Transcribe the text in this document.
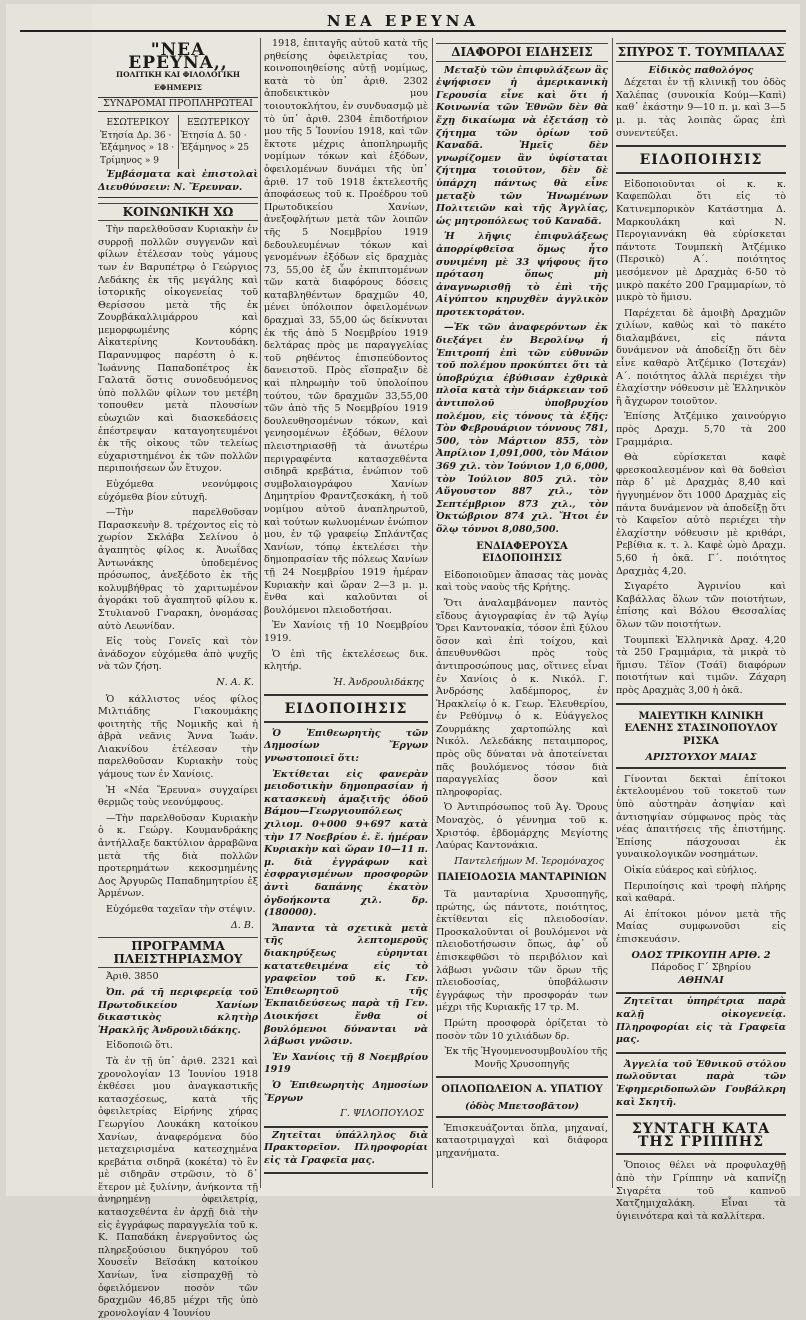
ΝΕΑ ΕΡΕΥΝΑ
"ΝΕΑ ΕΡΕΥΝΑ,,
ΠΟΛΙΤΙΚΗ ΚΑΙ ΦΙΛΟΛΟΓΙΚΗ ΕΦΗΜΕΡΙΣ
ΣΥΝΔΡΟΜΑΙ ΠΡΟΠΛΗΡΩΤΕΑΙ
ΕΣΩΤΕΡΙΚΟΥ
Ἐτησία Δρ. 36 · Ἑξάμηνος » 18 · Τρίμηνος » 9
ΕΞΩΤΕΡΙΚΟΥ
Ἐτησία Δ. 50 · Ἑξάμηνος » 25

Ἐμβάσματα καὶ ἐπιστολαὶ Διευθύνσειν: Ν. Ἔρευναν.

ΚΟΙΝΩΝΙΚΗ ΧΩ

Τὴν παρελθοῦσαν Κυριακὴν ἐν συρροῇ πολλῶν συγγενῶν καὶ φίλων ἐτέλεσαν τοὺς γάμους των ἐν Βαρυπέτρῳ ὁ Γεώργιος Λεδάκης ἐκ τῆς μεγάλης καὶ ἱστορικῆς οἰκογενείας τοῦ Θερίσσου μετὰ τῆς ἐκ Ζουρβάκαλλιμάρρου καὶ μεμορφωμένης κόρης Αἰκατερίνης Κοντουδάκη. Παρανυμφος παρέστη ὁ κ. Ἰωάννης Παπαδοπέτρος ἐκ Γαλατᾶ ὅστις συνοδευόμενος ὑπὸ πολλῶν φίλων του μετέβη τοπουθεν μετὰ πλουσίων εὐωχιῶν καὶ διασκεδάσεις ἐπέστρεψαν καταγοητευμένοι ἐκ τῆς οἰκους τῶν τελείως εὐχαριστημένοι ἐκ τῶν πολλῶν περιποιήσεων ὧν ἔτυχον.

Εὐχόμεθα νεονύμφοις εὐχόμεθα βίον εὐτυχῆ.

—Τὴν παρελθοῦσαν Παρασκευὴν 8. τρέχοντος εἰς τὸ χωρίον Σκλάβα Σελίνου ὁ ἀγαπητὸς φίλος κ. Ἀνωΐδας Ἀντωνάκης ὑποδεμένος πρόσωπος, ἀνεξέδοτο ἐκ τῆς κολυμβήθρας τὸ χαριτωμένον ἀγοράκι τοῦ ἀγαπητοῦ φίλου κ. Στυλιανοῦ Γναρακη, ὀνομάσας αὐτὸ Λεωνίδαν.

Εἰς τοὺς Γονεῖς καὶ τὸν ἀνάδοχον εὐχόμεθα ἀπὸ ψυχῆς νὰ τῶν ζήση.

Ν. Α. Κ.

Ὁ κάλλιστος νέος φίλος Μιλτιάδης Γιακουμάκης φοιτητὴς τῆς Νομικῆς καὶ ἡ ἁβρὰ νεᾶνις Ἄννα Ἰωάν. Λιακνίδου ἐτέλεσαν τὴν παρελθοῦσαν Κυριακὴν τοὺς γάμους των ἐν Χανίοις.

Ἡ «Νέα Ἔρευνα» συγχαίρει θερμῶς τοὺς νεονύμφους.

—Τὴν παρελθοῦσαν Κυριακὴν ὁ κ. Γεώργ. Κουμανδράκης ἀντήλλαξε δακτύλιον ἀρραβῶνα μετὰ τῆς διὰ πολλῶν προτερημάτων κεκοσμημένης Δος Ἀργυρῶς Παπαδημητρίου ἐξ Ἀρμένων.

Εὐχόμεθα ταχεῖαν τὴν στέψιν.

Δ. Β.
ΠΡΟΓΡΑΜΜΑ ΠΛΕΙΣΤΗΡΙΑΣΜΟΥ

Ἀριθ. 3850

Ὀπ. ρά τῆ περιφερείᾳ τοῦ Πρωτοδικείου Χανίων δικαστικὸς κλητὴρ Ἡρακλῆς Ἀνδρουλιδάκης.

Εἰδοποιῶ ὅτι.

Τὰ ἐν τῇ ὑπ᾽ ἀριθ. 2321 καὶ χρονολογίαν 13 Ἰουνίου 1918 ἐκθέσει μου ἀναγκαστικῆς κατασχέσεως, κατὰ τῆς ὀφειλετρίας Εἰρήνης χήρας Γεωργίου Λουκάκη κατοίκου Χανίων, ἀναφερόμενα δύο μεταχειρισμένα κατεσχημένα κρεβάτια σιδηρᾶ (κοκέτα) τὸ ἓν μὲ σιδηρᾶν στρῶσιν, τὸ δ᾽ ἕτερον μὲ ξυλίνην, ἀνήκοντα τῇ ἀνηρημένῃ ὀφειλετρίᾳ, κατασχεθέντα ἐν ἀρχῇ διὰ τὴν εἰς ἐγγράφως παραγγελία τοῦ κ. Κ. Παπαδάκη ἐνεργοῦντος ὡς πληρεξούσιου δικηγόρου τοῦ Χουσεῒν Βεϊσάκη κατοίκου Χανίων, ἵνα εἰσπραχθῇ τὸ ὀφειλόμενον ποσὸν τῶν δραχμῶν 46,85 μέχρι τῆς ὑπὸ χρονολογίαν 4 Ἰουνίου

1918, ἐπιταγῆς αὐτοῦ κατὰ τῆς ρηθείσης ὀφειλετρίας του, κοινοποιηθείσης αὐτῇ νομίμως, κατὰ τὸ ὑπ᾽ ἀριθ. 2302 ἀποδεικτικὸν μου τοιουτοκλήτου, ἐν συνδυασμῷ μὲ τὸ ὑπ᾽ ἀριθ. 2304 ἐπιδοτήριον μου τῆς 5 Ἰουνίου 1918, καὶ τῶν ἔκτοτε μέχρις ἀποπληρωμῆς νομίμων τόκων καὶ ἐξόδων, ὀφειλομένων δυνάμει τῆς ὑπ᾽ ἀριθ. 17 τοῦ 1918 ἐκτελεστῆς ἀποφάσεως τοῦ κ. Προέδρου τοῦ Πρωτοδικείου Χανίων, ἀνεξοφλήτων μετὰ τῶν λοιπῶν τῆς 5 Νοεμβρίου 1919 δεδουλευμένων τόκων καὶ γενομένων ἐξόδων εἰς δραχμὰς 73, 55,00 ἐξ ὧν ἐκπιπτομένων τῶν κατὰ διαφόρους δόσεις καταβληθέντων δραχμῶν 40, μένει ὑπόλοιπον ὀφειλομένων δραχμαὶ 33, 55,00 ὡς δείκνυται ἐκ τῆς ἀπὸ 5 Νοεμβρίου 1919 δελτάρας πρὸς με παραγγελίας τοῦ ρηθέντος ἐπισπεύδοντος δανειστοῦ. Πρὸς εἴσπραξιν δὲ καὶ πληρωμὴν τοῦ ὑπολοίπου τούτου, τῶν δραχμῶν 33,55,00 τῶν ἀπὸ τῆς 5 Νοεμβρίου 1919 δουλευθησομένων τόκων, καὶ γενησομένων ἐξόδων, θέλουν πλειστηριασθῇ τὰ ἀνωτέρω περιγραφέντα κατασχεθέντα σιδηρᾶ κρεβάτια, ἐνώπιον τοῦ συμβολαιογράφου Χανίων Δημητρίου Φραντζεσκάκη, ἡ τοῦ νομίμου αὐτοῦ ἀναπληρωτοῦ, καὶ τούτων κωλυομένων ἐνώπιον μου, ἐν τῷ γραφείῳ Σπλάντζας Χανίων, τόπῳ ἐκτελέσει τὴν δημοπρασίαν τῆς πόλεως Χανίων τῇ 24 Νοεμβρίου 1919 ἡμέραν Κυριακὴν καὶ ὥραν 2—3 μ. μ. ἔνθα καὶ καλοῦνται οἱ βουλόμενοι πλειοδοτήσαι.

Ἐν Χανίοις τῇ 10 Νοεμβρίου 1919.

Ὁ ἐπὶ τῆς ἐκτελέσεως δικ. κλητήρ.

Ἡ. Ἀνδρουλιδάκης
ΕΙΔΟΠΟΙΗΣΙΣ

Ὁ Ἐπιθεωρητὴς τῶν Δημοσίων Ἔργων γνωστοποιεῖ ὅτι:

Ἐκτίθεται εἰς φανερὰν μειοδοτικὴν δημοπρασίαν ἡ κατασκευὴ ἁμαξιτῆς ὁδοῦ Βάμου—Γεωργιουπόλεως χιλιομ. 0+000 9+697 κατὰ τὴν 17 Νοεβρίου ἐ. ἔ. ἡμέραν Κυριακὴν καὶ ὥραν 10—11 π. μ. διὰ ἐγγράφων καὶ ἐσφραγισμένων προσφορῶν ἀντὶ δαπάνης ἑκατὸν ὀγδοήκοντα χιλ. δρ. (180000).

Ἅπαντα τὰ σχετικὰ μετὰ τῆς λεπτομεροῦς διακηρύξεως εὑρηνται κατατεθειμένα εἰς τὸ γραφεῖον τοῦ κ. Γεν. Ἐπιθεωρητοῦ τῆς Ἐκπαιδεύσεως παρὰ τῇ Γεν. Διοικήσει ἔνθα οἱ βουλόμενοι δύνανται νὰ λάβωσι γνῶσιν.

Ἐν Χανίοις τῇ 8 Νοεμβρίου 1919

Ὁ Ἐπιθεωρητὴς Δημοσίων Ἔργων

Γ. ΨΙΛΟΠΟΥΛΟΣ

Ζητεῖται ὑπάλληλος διὰ Πρακτορεῖον. Πληροφορίαι εἰς τὰ Γραφεῖα μας.

ΔΙΑΦΟΡΟΙ ΕΙΔΗΣΕΙΣ

Μεταξὺ τῶν ἐπιφυλάξεων ἃς ἐψήφισεν ἡ ἀμερικανικὴ Γερουσία εἶνε καὶ ὅτι ἡ Κοινωνία τῶν Ἐθνῶν δὲν θὰ ἔχῃ δικαίωμα νὰ ἐξετάσῃ τὸ ζήτημα τῶν ὁρίων τοῦ Καναδᾶ. Ἡμεῖς δὲν γνωρίζομεν ἂν ὑφίσταται ζήτημα τοιοῦτον, δὲν δὲ ὑπάρχη πάντως θὰ εἶνε μεταξὺ τῶν Ἡνωμένων Πολιτειῶν καὶ τῆς Ἀγγλίας, ὡς μητροπόλεως τοῦ Καναδᾶ.

Ἡ λῆψις ἐπιφυλάξεως ἀπορρίφθεῖσα ὅμως ἦτο συνιμένη μὲ 33 ψήφους ἥτο πρόταση ὅπως μὴ ἀναγνωρισθῇ τὸ ἐπὶ τῆς Αἰγύπτου κηρυχθὲν ἀγγλικὸν προτεκτοράτον.

—Ἐκ τῶν ἀναφερόντων ἐκ διεξάγει ἐν Βερολίνῳ ἡ Ἐπιτροπή ἐπὶ τῶν εὐθυνῶν τοῦ πολέμου προκύπτει ὅτι τὰ ὑποβρύχια ἐβύθισαν ἐχθρικὰ πλοῖα κατὰ τὴν διάρκειαν τοῦ ἀντιπολοῦ ὑποβρυχίου πολέμου, εἰς τόνους τὰ ἐξῆς: Τὸν Φεβρουάριον τόννους 781, 500, τὸν Μάρτιον 855, τὸν Ἀπρίλιον 1,091,000, τὸν Μάιον 369 χιλ. τὸν Ἰούνιον 1,0 6,000, τὸν Ἰούλιον 805 χιλ. τὸν Αὔγουστον 887 χιλ., τὸν Σεπτέμβριον 873 χιλ., τὸν Ὀκτώβριον 874 χιλ. Ἤτοι ἐν ὅλῳ τόννοι 8,080,500.

ΕΝΔΙΑΦΕΡΟΥΣΑ ΕΙΔΟΠΟΙΗΣΙΣ

Εἰδοποιοῦμεν ἅπασας τὰς μονὰς καὶ τοὺς ναοὺς τῆς Κρήτης.

Ὅτι ἀναλαμβάνομεν παντὸς εἴδους ἁγιογραφίας ἐν τῷ Ἁγίῳ Ὄρει Καντονακία, τόσον ἐπὶ ξύλου ὅσον καὶ ἐπὶ τοίχου, καὶ ἀπευθυνθῶσι πρὸς τοὺς ἀντιπροσώπους μας, οἵτινες εἶναι ἐν Χανίοις ὁ κ. Νικόλ. Γ. Ἀνδρόσης λαδέμπορος, ἐν Ἡρακλείῳ ὁ κ. Γεωρ. Ἐλευθερίου, ἐν Ρεθύμνῳ ὁ κ. Εὐάγγελος Ζουρμάκης χαρτοπώλης καὶ Νικόλ. Λελεδάκης πεταιμπορος, πρὸς οὓς δύναται νὰ ἀποτείνεται πᾶς βουλόμενος τόσον διὰ παραγγελίας ὅσον καὶ πληροφορίας.

Ὁ Ἀντιπρόσωπος τοῦ Ἁγ. Ὄρους Μοναχὸς, ὁ γέννημα τοῦ κ. Χριστόφ. ἐβδομάρχης Μεγίστης Λαύρας Καντονάκια.

Παντελεήμων Μ. Ἱερομόναχος
ΠΑΙΕΙΟΔΟΣΙΑ ΜΑΝΤΑΡΙΝΙΩΝ

Τὰ μανταρίνια Χρυσοπηγῆς, πρώτης, ὡς πάντοτε, ποιότητος, ἐκτίθενται εἰς πλειοδοσίαν. Προσκαλοῦνται οἱ βουλόμενοι νὰ πλειοδοτήσωσιν ὅπως, ἀφ᾽ οὗ ἐπισκεφθῶσι τὸ περιβόλιον καὶ λάβωσι γνῶσιν τῶν ὅρων τῆς πλειοδοσίας, ὑποβάλωσιν ἐγγράφως τὴν προσφοράν των μέχρι τῆς Κυριακῆς 17 τρ. Μ.

Πρώτη προσφορὰ ὁρίζεται τὸ ποσὸν τῶν 10 χιλιάδων δρ.

Ἐκ τῆς Ἡγουμενοσυμβουλίου τῆς Μονῆς Χρυσοπηγῆς

ΟΠΛΟΠΩΛΕΙΟΝ Α. ΥΠΑΤΙΟΥ
(ὁδὸς Μπετσοβᾶτον)

Ἐπισκευάζονται ὅπλα, μηχαναί, καταοτριμαγχαὶ καὶ διάφορα μηχανήματα.

ΣΠΥΡΟΣ Τ. ΤΟΥΜΠΑΛΑΣ
Εἰδικὸς παθολόγος

Δέχεται ἐν τῇ κλινικῇ του ὁδὸς Χαλέπας (συνοικία Κούμ—Καπὶ) καθ᾽ ἑκάστην 9—10 π. μ. καὶ 3—5 μ. μ. τὰς λοιπὰς ὥρας ἐπὶ συνεντεύξει.

ΕΙΔΟΠΟΙΗΣΙΣ

Εἰδοποιοῦνται οἱ κ. κ. Καφεπῶλαι ὅτι εἰς τὸ Κατινεμπορικὸν Κατάστημα Δ. Μαρκουλάκη καὶ Ν. Περογιαννάκη θὰ εὑρίσκεται πάντοτε Τουμπεκὴ Ἀτζέμικο (Περσικὸ) Α΄. ποιότητος μεσόμενον μὲ Δραχμὰς 6-50 τὸ μικρὸ πακέτο 200 Γραμμαρίων, τὸ μικρὸ τὸ ἥμισυ.

Παρέχεται δὲ ἀμοιβὴ Δραχμῶν χιλίων, καθὼς καὶ τὸ πακέτο διαλαμβάνει, εἰς πάντα δυνάμενον νὰ ἀποδείξῃ ὅτι δὲν εἶνε καθαρὸ Ἀτζέμικο (Ἱστεχάν) Α΄. ποιότητος ἀλλὰ περιέχει τὴν ἐλαχίστην νόθευσιν μὲ Ἑλληνικὸν ἢ ἄγχωρον τοιοῦτον.

Ἐπίσης Ἀτζέμικο χαινούργιο πρὸς Δραχμ. 5,70 τὰ 200 Γραμμάρια.

Θὰ εὑρίσκεται καφὲ φρεσκοαλεσμένον καὶ θὰ δοθεὶσι πὰρ δ᾽ μὲ Δραχμὰς 8,40 καὶ ἠγγυημένον ὅτι 1000 Δραχμὰς εἰς πάντα δυνάμενον νὰ ἀποδείξῃ ὅτι τὸ Καφεῖον αὐτὸ περιέχει τὴν ἐλαχίστην νόθευσιν μὲ κριθάρι, Ρεβίθια κ. τ. λ. Καφὲ ὠμὸ Δραχμ. 5,60 ἡ ὀκᾶ. Γ΄. ποιότητος Δραχμὰς 4,20.

Σιγαρέτο Ἀγρινίου καὶ Καβάλλας ὅλων τῶν ποιοτήτων, ἐπίσης καὶ Βόλου Θεσσαλίας ὅλων τῶν ποιοτήτων.

Τουμπεκὶ Ἑλληνικὰ Δραχ. 4,20 τὰ 250 Γραμμάρια, τὰ μικρὰ τὸ ἥμισυ. Τέϊον (Τσάϊ) διαφόρων ποιοτήτων καὶ τιμῶν. Ζάχαρη πρὸς Δραχμὰς 3,00 ἡ ὀκᾶ.

ΜΑΙΕΥΤΙΚΗ ΚΛΙΝΙΚΗ ΕΛΕΝΗΣ ΣΤΑΣΙΝΟΠΟΥΛΟΥ ΡΙΣΚΑ
ΑΡΙΣΤΟΥΧΟΥ ΜΑΙΑΣ

Γίνονται δεκταὶ ἐπίτοκοι ἐκτελουμένου τοῦ τοκετοῦ των ὑπὸ αὐστηρὰν ἀσηψίαν καὶ ἀντισηψίαν σύμφωνος πρὸς τὰς νέας ἀπαιτήσεις τῆς ἐπιστήμης. Ἐπίσης πάσχουσαι ἐκ γυναικολογικῶν νοσημάτων.

Οἰκία εὐάερος καὶ εὐήλιος.

Περιποίησις καὶ τροφὴ πλήρης καὶ καθαρά.

Αἱ ἐπίτοκοι μόνον μετὰ τῆς Μαίας συμφωνοῦσι εἰς ἐπισκευάσιν.

ΟΔΟΣ ΤΡΙΚΟΥΠΗ ΑΡΙΘ. 2
Πάροδος Γ΄ Σβηρίου
ΑΘΗΝΑΙ

Ζητεῖται ὑπηρέτρια παρὰ καλῇ οἰκογενείᾳ. Πληροφορίαι εἰς τὰ Γραφεῖα μας.

Ἀγγελία τοῦ Ἐθνικοῦ στόλου πωλοῦνται παρὰ τῶν Ἐφημεριδοπωλῶν Γουβάλκρη καὶ Σκητῆ.

ΣΥΝΤΑΓΗ ΚΑΤΑ ΤΗΣ ΓΡΙΠΠΗΣ

Ὅποιος θέλει νὰ προφυλαχθῇ ἀπὸ τὴν Γρίππην νὰ καπνίζῃ Σιγαρέτα τοῦ καπνοῦ Χατζημιχαλάκη. Εἶναι τὰ ὑγιεινότερα καὶ τὰ καλλίτερα.
